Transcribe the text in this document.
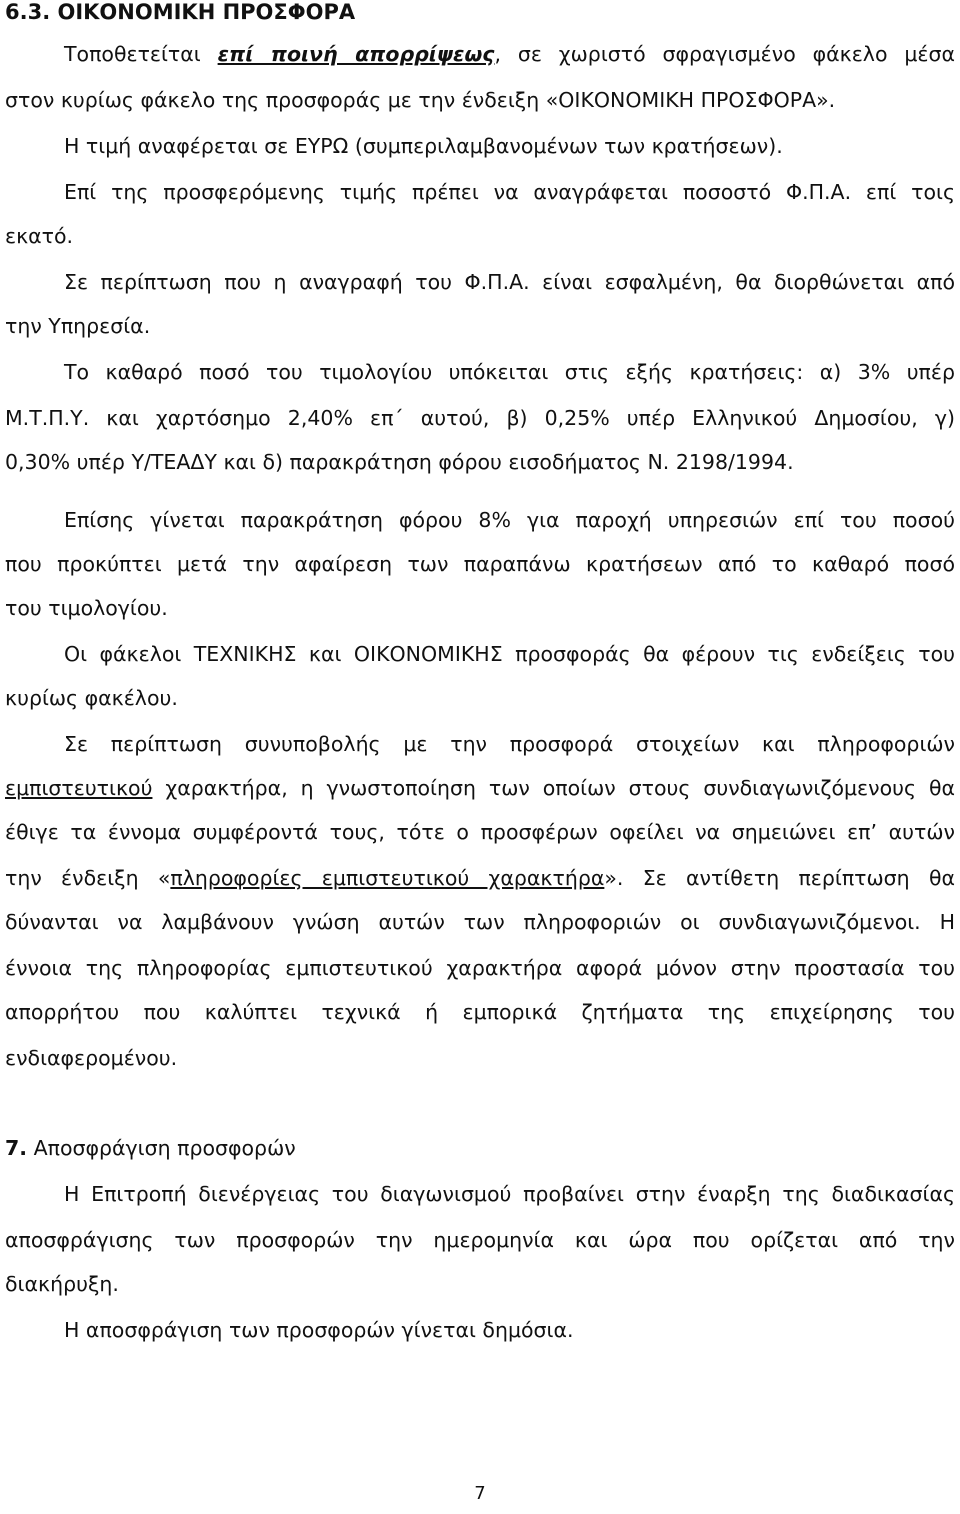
6.3. ΟΙΚΟΝΟΜΙΚΗ ΠΡΟΣΦΟΡΑ
Τοποθετείται επί ποινή απορρίψεως, σε χωριστό σφραγισμένο φάκελο μέσα
στον κυρίως φάκελο της προσφοράς με την ένδειξη «ΟΙΚΟΝΟΜΙΚΗ ΠΡΟΣΦΟΡΑ».
Η τιμή αναφέρεται σε ΕΥΡΩ (συμπεριλαμβανομένων των κρατήσεων).
Επί της προσφερόμενης τιμής πρέπει να αναγράφεται ποσοστό Φ.Π.Α. επί τοις
εκατό.
Σε περίπτωση που η αναγραφή του Φ.Π.Α. είναι εσφαλμένη, θα διορθώνεται από
την Υπηρεσία.
Το καθαρό ποσό του τιμολογίου υπόκειται στις εξής κρατήσεις: α) 3% υπέρ
Μ.Τ.Π.Υ. και χαρτόσημο 2,40% επ΄ αυτού, β) 0,25% υπέρ Ελληνικού Δημοσίου, γ)
0,30% υπέρ Υ/ΤΕΑΔΥ και δ) παρακράτηση φόρου εισοδήματος Ν. 2198/1994.
Επίσης γίνεται παρακράτηση φόρου 8% για παροχή υπηρεσιών επί του ποσού
που προκύπτει μετά την αφαίρεση των παραπάνω κρατήσεων από το καθαρό ποσό
του τιμολογίου.
Οι φάκελοι ΤΕΧΝΙΚΗΣ και ΟΙΚΟΝΟΜΙΚΗΣ προσφοράς θα φέρουν τις ενδείξεις του
κυρίως φακέλου.
Σε περίπτωση συνυποβολής με την προσφορά στοιχείων και πληροφοριών
εμπιστευτικού χαρακτήρα, η γνωστοποίηση των οποίων στους συνδιαγωνιζόμενους θα
έθιγε τα έννομα συμφέροντά τους, τότε ο προσφέρων οφείλει να σημειώνει επ’ αυτών
την ένδειξη «πληροφορίες εμπιστευτικού χαρακτήρα». Σε αντίθετη περίπτωση θα
δύνανται να λαμβάνουν γνώση αυτών των πληροφοριών οι συνδιαγωνιζόμενοι. Η
έννοια της πληροφορίας εμπιστευτικού χαρακτήρα αφορά μόνον στην προστασία του
απορρήτου που καλύπτει τεχνικά ή εμπορικά ζητήματα της επιχείρησης του
ενδιαφερομένου.
7. Αποσφράγιση προσφορών
Η Επιτροπή διενέργειας του διαγωνισμού προβαίνει στην έναρξη της διαδικασίας
αποσφράγισης των προσφορών την ημερομηνία και ώρα που ορίζεται από την
διακήρυξη.
Η αποσφράγιση των προσφορών γίνεται δημόσια.
7
